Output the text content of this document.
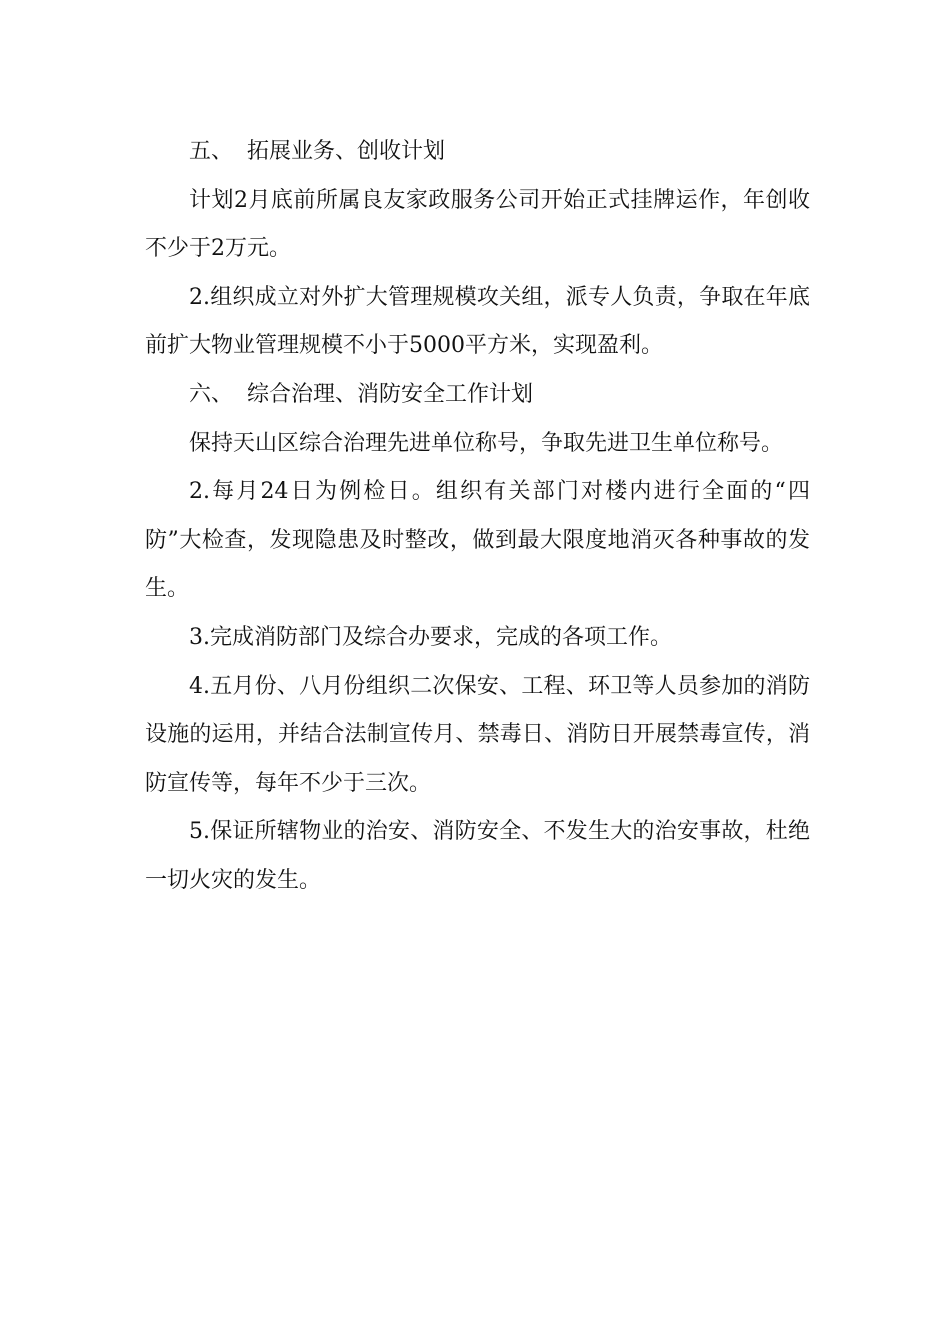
五、  拓展业务、创收计划

计划2月底前所属良友家政服务公司开始正式挂牌运作，年创收不少于2万元。

2.组织成立对外扩大管理规模攻关组，派专人负责，争取在年底前扩大物业管理规模不小于5000平方米，实现盈利。

六、  综合治理、消防安全工作计划

保持天山区综合治理先进单位称号，争取先进卫生单位称号。

2.每月24日为例检日。组织有关部门对楼内进行全面的“四防”大检查，发现隐患及时整改，做到最大限度地消灭各种事故的发生。

3.完成消防部门及综合办要求，完成的各项工作。

4.五月份、八月份组织二次保安、工程、环卫等人员参加的消防设施的运用，并结合法制宣传月、禁毒日、消防日开展禁毒宣传，消防宣传等，每年不少于三次。

5.保证所辖物业的治安、消防安全、不发生大的治安事故，杜绝一切火灾的发生。
